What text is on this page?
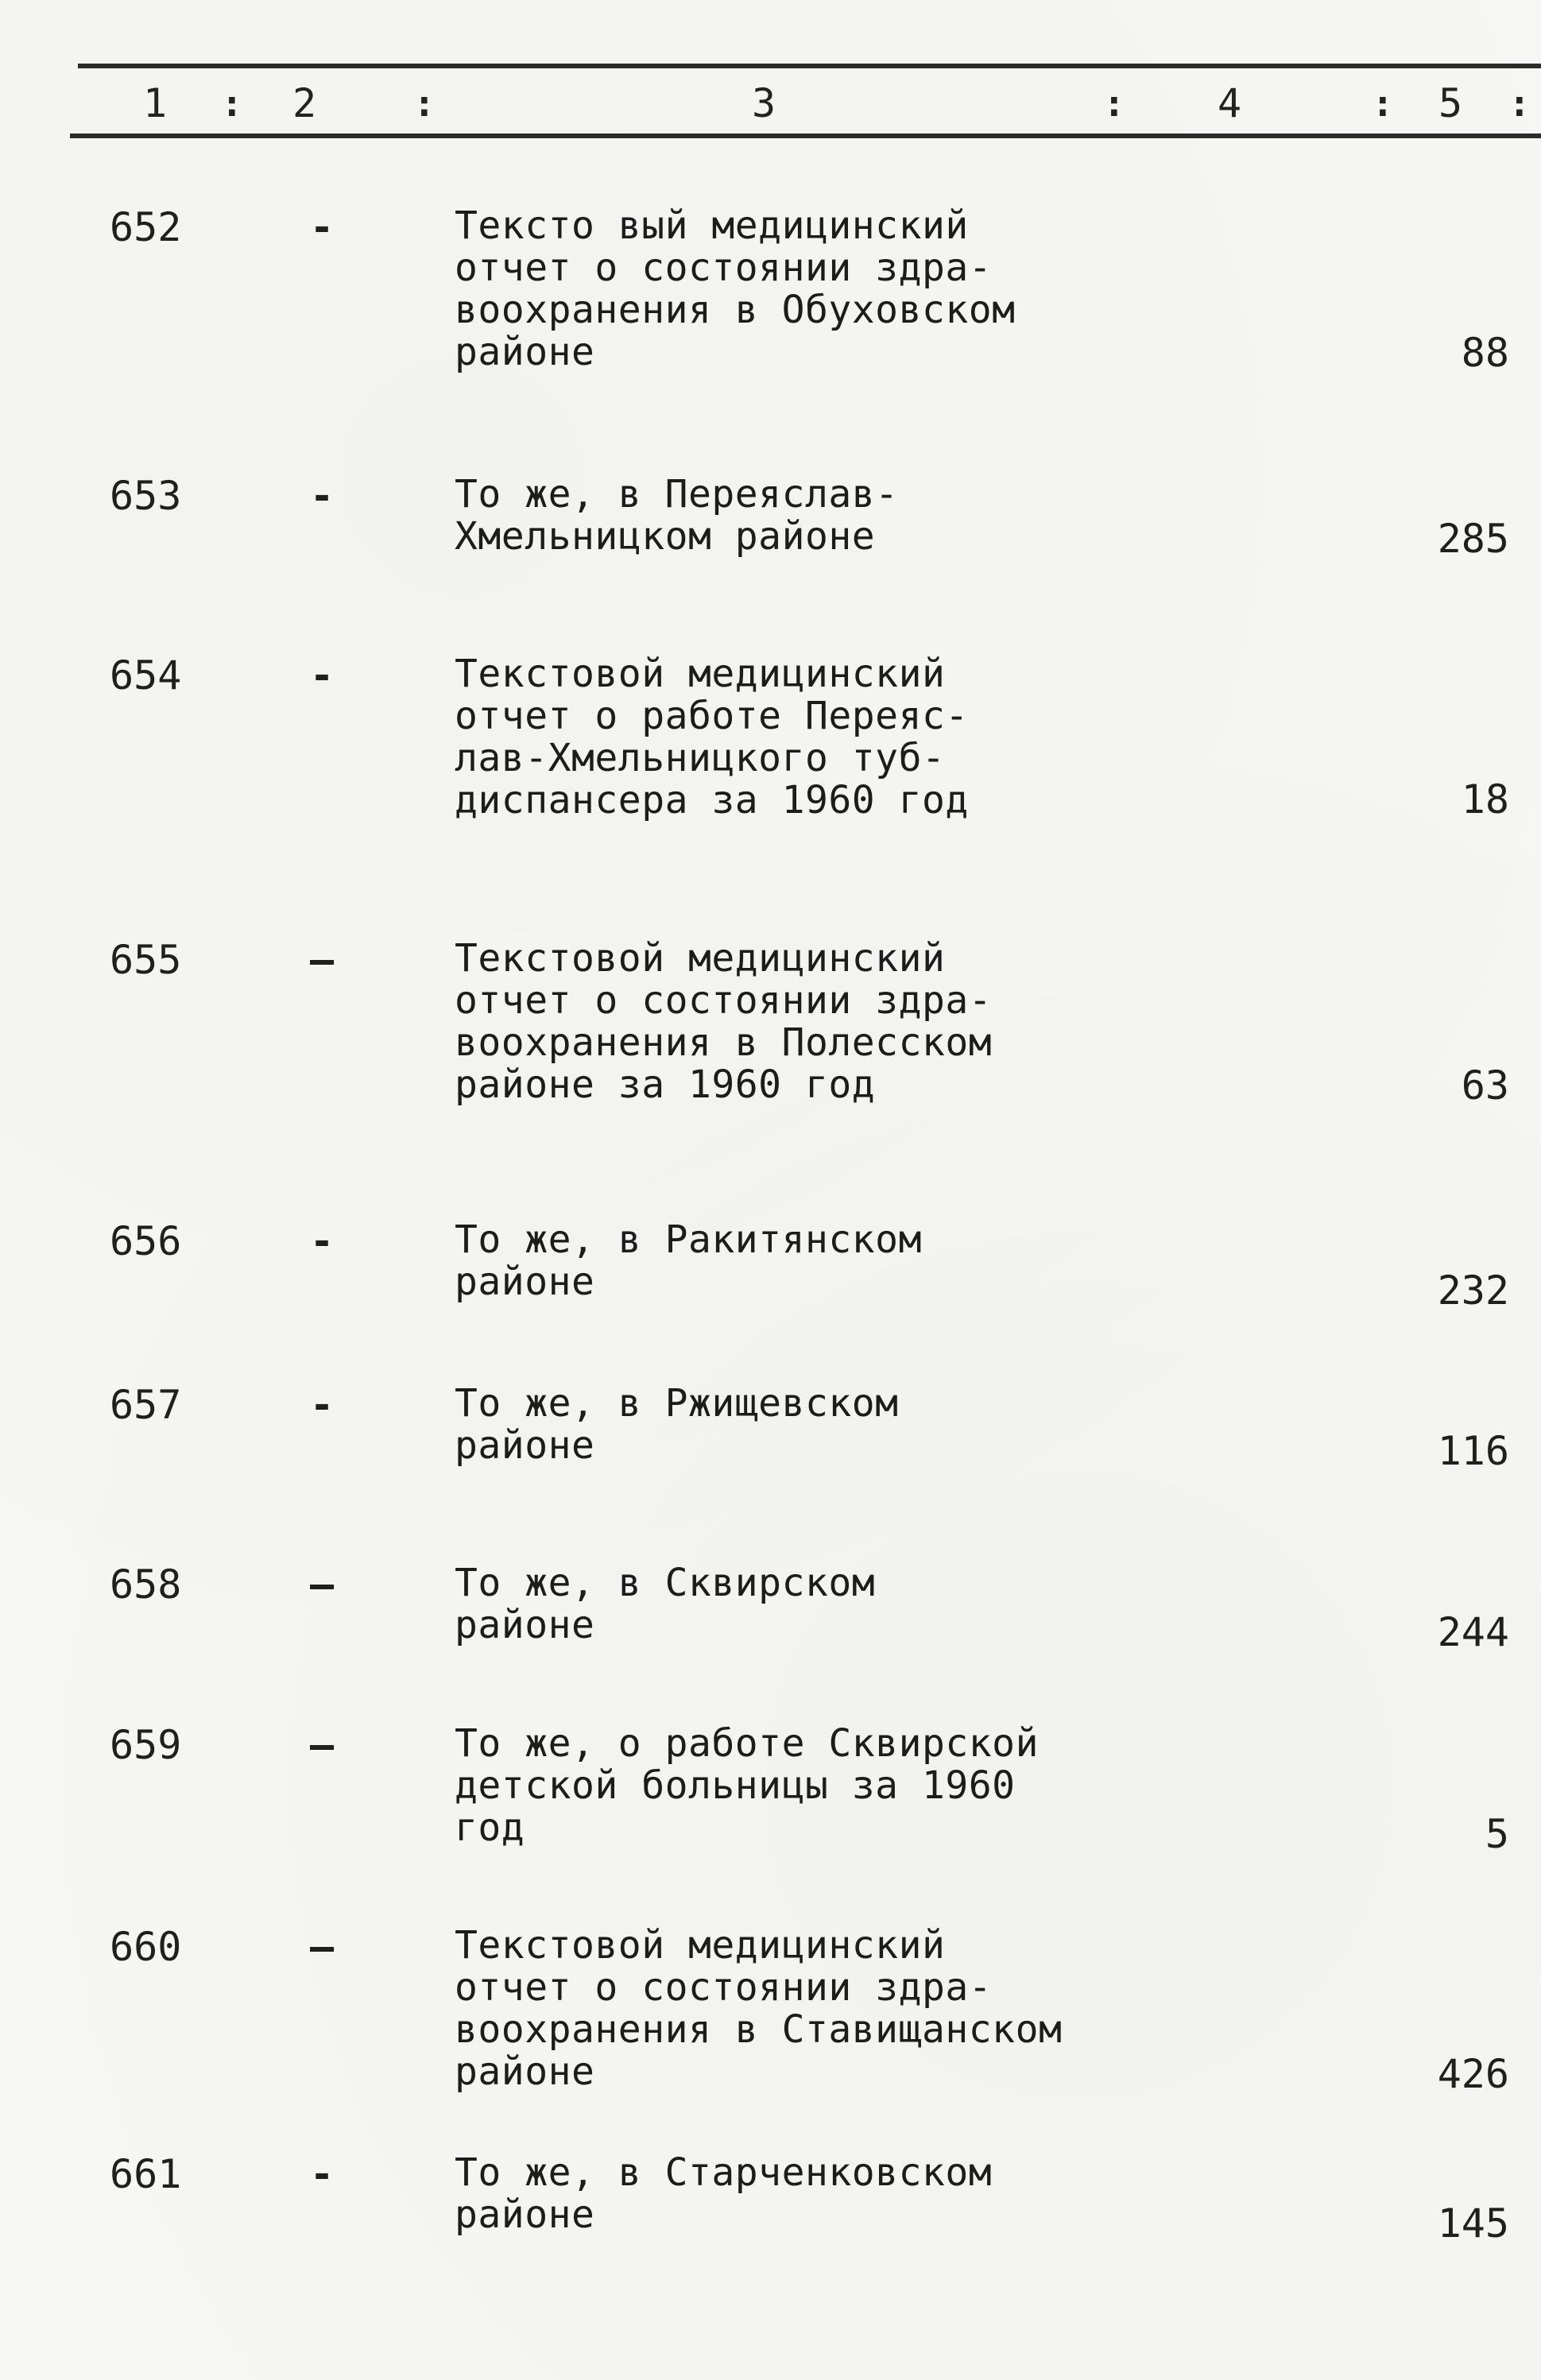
1 : 2	:	3	: 4	: 5 :
652	-	Тексто вый медицинский
отчет о состоянии здра-
воохранения в Обуховском
районе	88
653	-	То же, в Переяслав-
Хмельницком районе	285
654	-	Текстовой медицинский
отчет о работе Переяс-
лав-Хмельницкого туб-
диспансера за 1960 год	18
655	—	Текстовой медицинский
отчет о состоянии здра-
воохранения в Полесском
районе за 1960 год	63
656	-	То же, в Ракитянском
районе	232
657	-	То же, в Ржищевском
районе	116
658	—	То же, в Сквирском
районе	244
659	—	То же, о работе Сквирской
детской больницы за 1960
год	5
660	—	Текстовой медицинский
отчет о состоянии здра-
воохранения в Ставищанском
районе	426
661	-	То же, в Старченковском
районе	145
